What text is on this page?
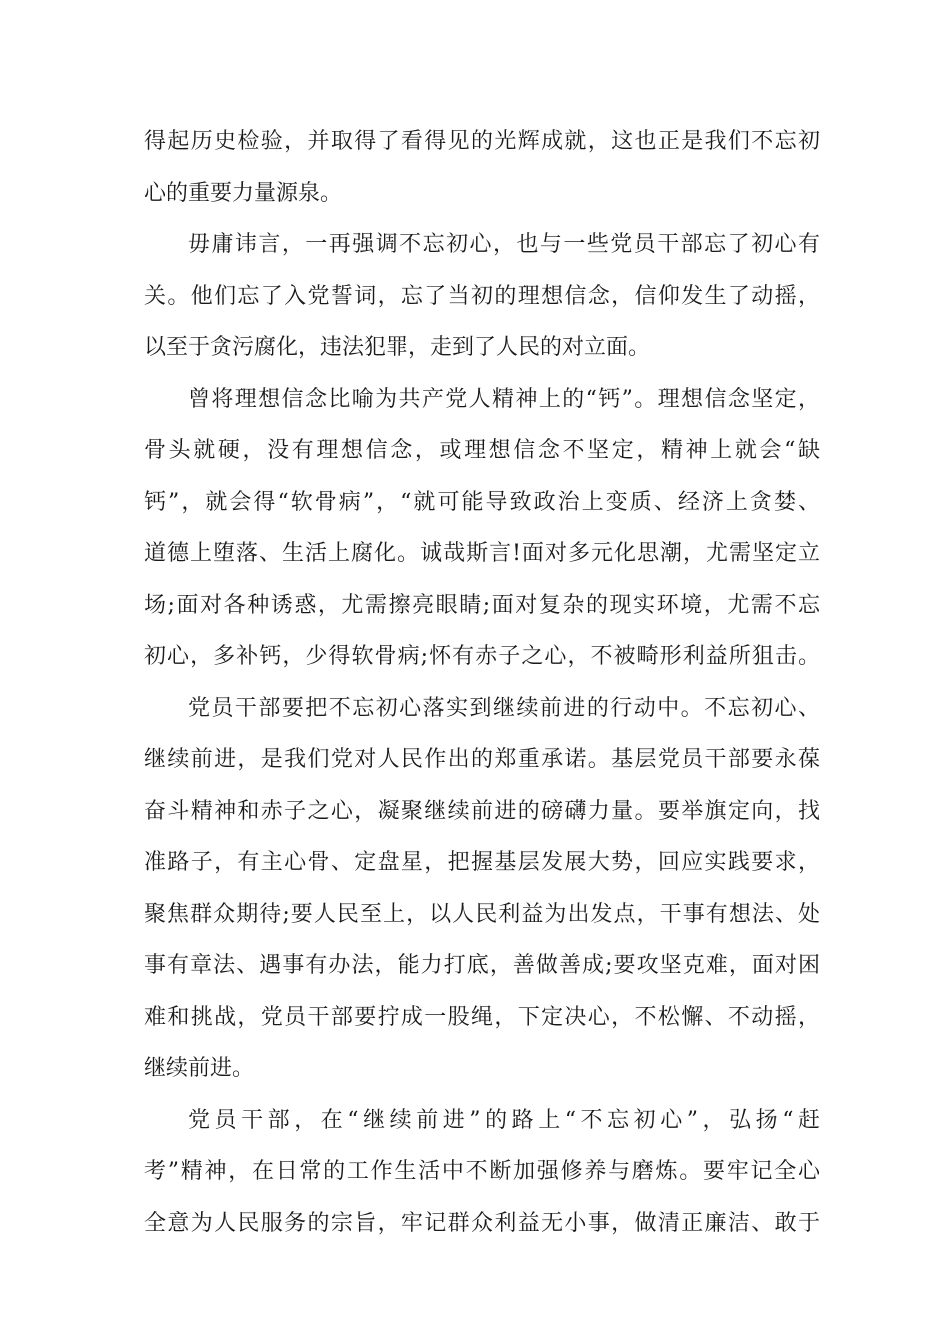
得起历史检验，并取得了看得见的光辉成就，这也正是我们不忘初
心的重要力量源泉。
毋庸讳言，一再强调不忘初心，也与一些党员干部忘了初心有
关。他们忘了入党誓词，忘了当初的理想信念，信仰发生了动摇，
以至于贪污腐化，违法犯罪，走到了人民的对立面。
曾将理想信念比喻为共产党人精神上的“钙”。理想信念坚定，
骨头就硬，没有理想信念，或理想信念不坚定，精神上就会“缺
钙”，就会得“软骨病”，“就可能导致政治上变质、经济上贪婪、
道德上堕落、生活上腐化。诚哉斯言!面对多元化思潮，尤需坚定立
场;面对各种诱惑，尤需擦亮眼睛;面对复杂的现实环境，尤需不忘
初心，多补钙，少得软骨病;怀有赤子之心，不被畸形利益所狙击。
党员干部要把不忘初心落实到继续前进的行动中。不忘初心、
继续前进，是我们党对人民作出的郑重承诺。基层党员干部要永葆
奋斗精神和赤子之心，凝聚继续前进的磅礴力量。要举旗定向，找
准路子，有主心骨、定盘星，把握基层发展大势，回应实践要求，
聚焦群众期待;要人民至上，以人民利益为出发点，干事有想法、处
事有章法、遇事有办法，能力打底，善做善成;要攻坚克难，面对困
难和挑战，党员干部要拧成一股绳，下定决心，不松懈、不动摇，
继续前进。
党员干部，在“继续前进”的路上“不忘初心”，弘扬“赶
考”精神，在日常的工作生活中不断加强修养与磨炼。要牢记全心
全意为人民服务的宗旨，牢记群众利益无小事，做清正廉洁、敢于
